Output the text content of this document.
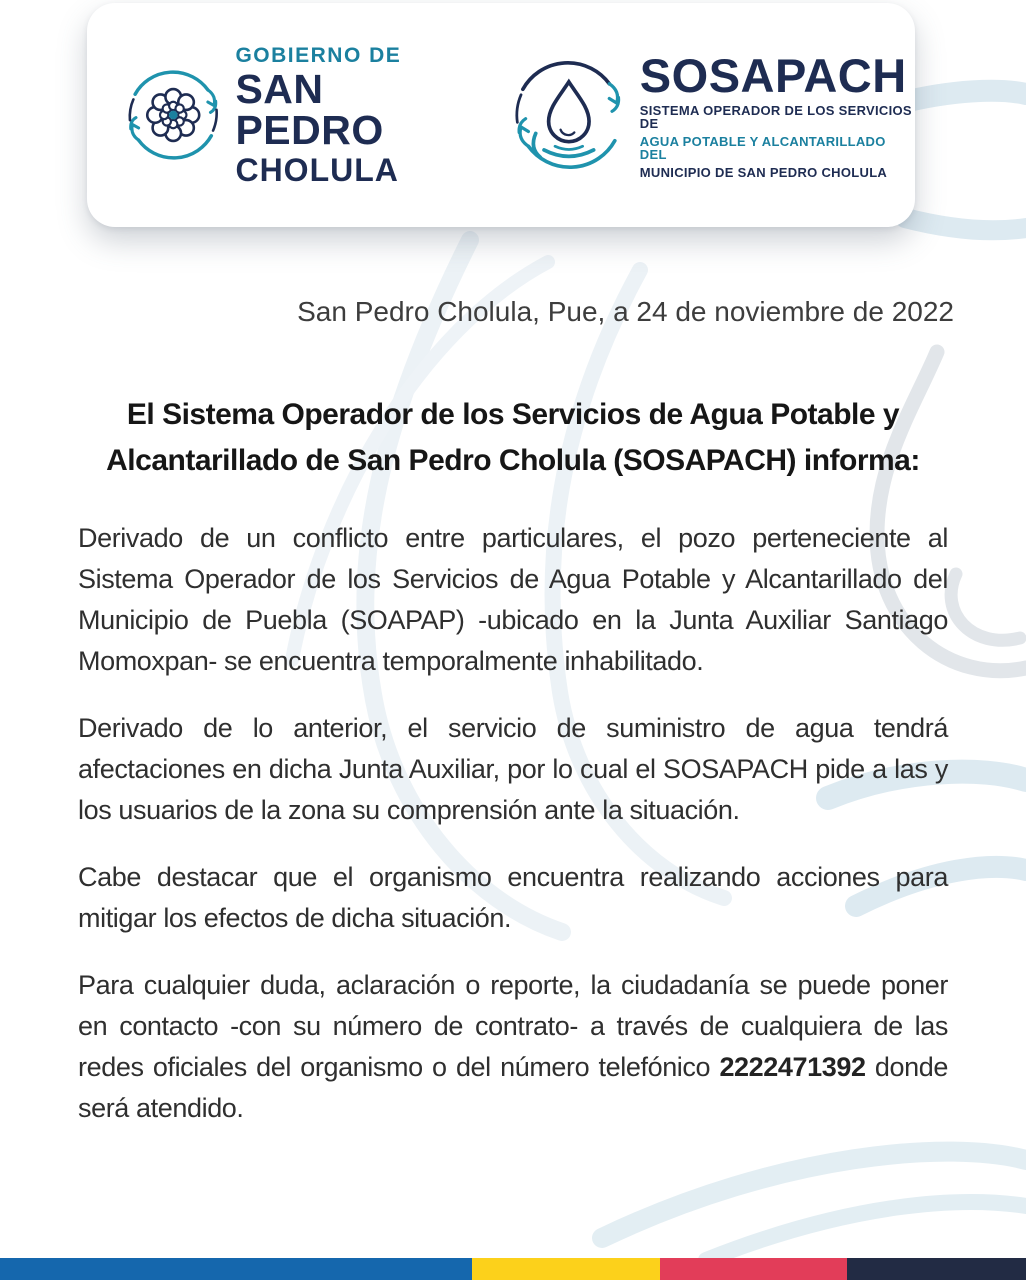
GOBIERNO DE
SAN PEDRO
CHOLULA
SOSAPACH
SISTEMA OPERADOR DE LOS SERVICIOS DE
AGUA POTABLE Y ALCANTARILLADO DEL
MUNICIPIO DE SAN PEDRO CHOLULA
San Pedro Cholula, Pue, a 24 de noviembre de 2022
El Sistema Operador de los Servicios de Agua Potable y
Alcantarillado de San Pedro Cholula (SOSAPACH) informa:

Derivado de un conflicto entre particulares, el pozo perteneciente al Sistema Operador de los Servicios de Agua Potable y Alcantarillado del Municipio de Puebla (SOAPAP) -ubicado en la Junta Auxiliar Santiago Momoxpan- se encuentra temporalmente inhabilitado.

Derivado de lo anterior, el servicio de suministro de agua tendrá afectaciones en dicha Junta Auxiliar, por lo cual el SOSAPACH pide a las y los usuarios de la zona su comprensión ante la situación.

Cabe destacar que el organismo encuentra realizando acciones para mitigar los efectos de dicha situación.

Para cualquier duda, aclaración o reporte, la ciudadanía se puede poner en contacto -con su número de contrato- a través de cualquiera de las redes oficiales del organismo o del número telefónico 2222471392 donde será atendido.
